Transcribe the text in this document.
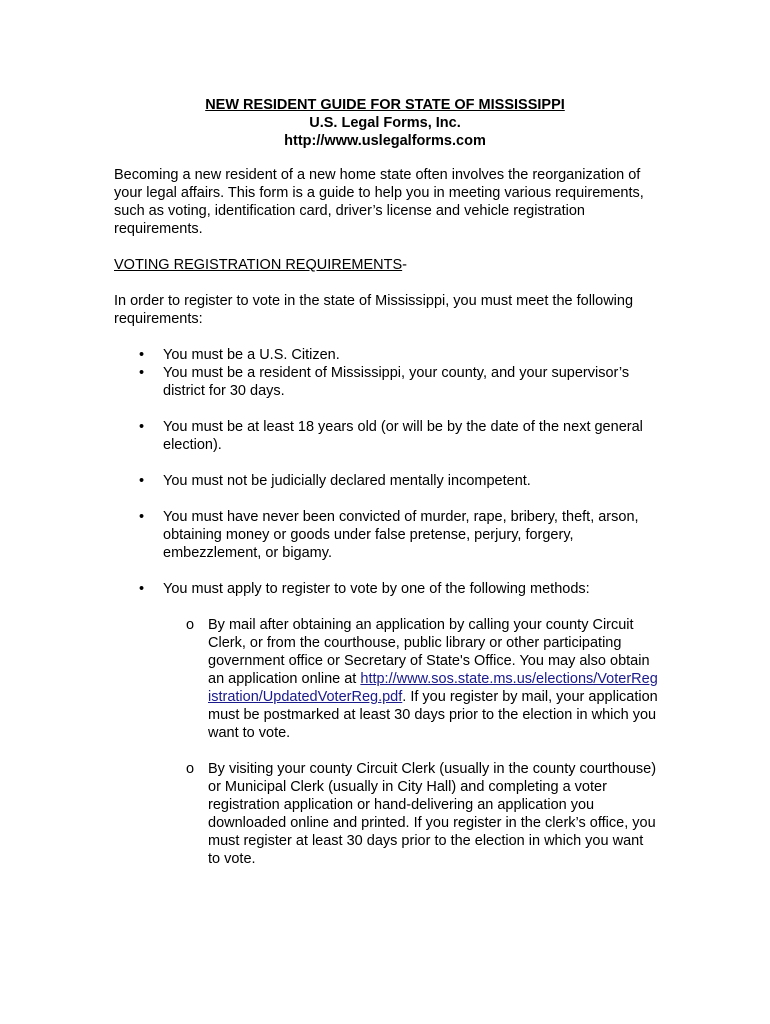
NEW RESIDENT GUIDE FOR STATE OF MISSISSIPPI
U.S. Legal Forms, Inc.
http://www.uslegalforms.com
Becoming a new resident of a new home state often involves the reorganization of your legal affairs. This form is a guide to help you in meeting various requirements, such as voting, identification card, driver’s license and vehicle registration requirements.
VOTING REGISTRATION REQUIREMENTS-
In order to register to vote in the state of Mississippi, you must meet the following requirements:
• You must be a U.S. Citizen.
• You must be a resident of Mississippi, your county, and your supervisor’s district for 30 days.
• You must be at least 18 years old (or will be by the date of the next general election).
• You must not be judicially declared mentally incompetent.
• You must have never been convicted of murder, rape, bribery, theft, arson, obtaining money or goods under false pretense, perjury, forgery, embezzlement, or bigamy.
• You must apply to register to vote by one of the following methods:
o By mail after obtaining an application by calling your county Circuit Clerk, or from the courthouse, public library or other participating government office or Secretary of State's Office. You may also obtain an application online at http://www.sos.state.ms.us/elections/VoterRegistration/UpdatedVoterReg.pdf. If you register by mail, your application must be postmarked at least 30 days prior to the election in which you want to vote.
o By visiting your county Circuit Clerk (usually in the county courthouse) or Municipal Clerk (usually in City Hall) and completing a voter registration application or hand-delivering an application you downloaded online and printed. If you register in the clerk’s office, you must register at least 30 days prior to the election in which you want to vote.
